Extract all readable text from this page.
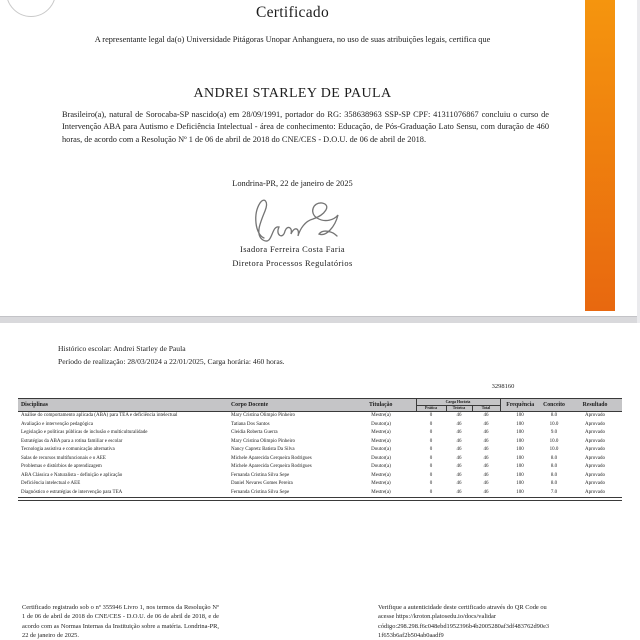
Certificado
A representante legal da(o) Universidade Pitágoras Unopar Anhanguera, no uso de suas atribuições legais, certifica que
ANDREI STARLEY DE PAULA
Brasileiro(a), natural de Sorocaba-SP nascido(a) em 28/09/1991, portador do RG: 358638963 SSP-SP CPF: 41311076867 concluiu o curso de Intervenção ABA para Autismo e Deficiência Intelectual - área de conhecimento: Educação, de Pós-Graduação Lato Sensu, com duração de 460 horas, de acordo com a Resolução Nº 1 de 06 de abril de 2018 do CNE/CES - D.O.U. de 06 de abril de 2018.
Londrina-PR, 22 de janeiro de 2025
Isadora Ferreira Costa Faria
Diretora Processos Regulatórios
Histórico escolar: Andrei Starley de Paula
Período de realização: 28/03/2024 a 22/01/2025, Carga horária: 460 horas.
3298160
Disciplinas	Corpo Docente	Titulação	Carga Horária			Frequência	Conceito	Resultado
			Prática	Teórica	Total			
Análise do comportamento aplicada (ABA) para TEA e deficiência intelectual	Mary Cristina Olimpio Pinheiro	Mestre(a)	0	46	46	100	8.0	Aprovado
Avaliação e intervenção pedagógica	Tatiana Dos Santos	Doutor(a)	0	46	46	100	10.0	Aprovado
Legislação e políticas públicas de inclusão e multiculturalidade	Cleidia Roberta Guerra	Mestre(a)	0	46	46	100	9.0	Aprovado
Estratégias da ABA para a rotina familiar e escolar	Mary Cristina Olimpio Pinheiro	Mestre(a)	0	46	46	100	10.0	Aprovado
Tecnologia assistiva e comunicação alternativa	Nancy Capretz Batista Da Silva	Doutor(a)	0	46	46	100	10.0	Aprovado
Salas de recursos multifuncionais e o AEE	Michele Aparecida Cerqueira Rodrigues	Doutor(a)	0	46	46	100	8.0	Aprovado
Problemas e distúrbios de aprendizagem	Michele Aparecida Cerqueira Rodrigues	Doutor(a)	0	46	46	100	8.0	Aprovado
ABA Clássica e Naturalista - definição e aplicação	Fernanda Cristina Silva Sepe	Mestre(a)	0	46	46	100	8.0	Aprovado
Deficiência intelectual e AEE	Daniel Nevares Gomes Pereira	Mestre(a)	0	46	46	100	8.0	Aprovado
Diagnóstico e estratégias de intervenção para TEA	Fernanda Cristina Silva Sepe	Mestre(a)	0	46	46	100	7.0	Aprovado
Certificado registrado sob o nº 355946 Livro 1, nos termos da Resolução Nº 1 de 06 de abril de 2018 do CNE/CES - D.O.U. de 06 de abril de 2018, e de acordo com as Normas Internas da Instituição sobre a matéria. Londrina-PR, 22 de janeiro de 2025.
Verifique a autenticidade deste certificado através do QR Code ou
acesse https://kroton.platosedu.io/docs/validar
código:298.298.f6c048ebd1952396b4b2005280af3df483762d90e3
1f653b6af2b504ab0aadf9
